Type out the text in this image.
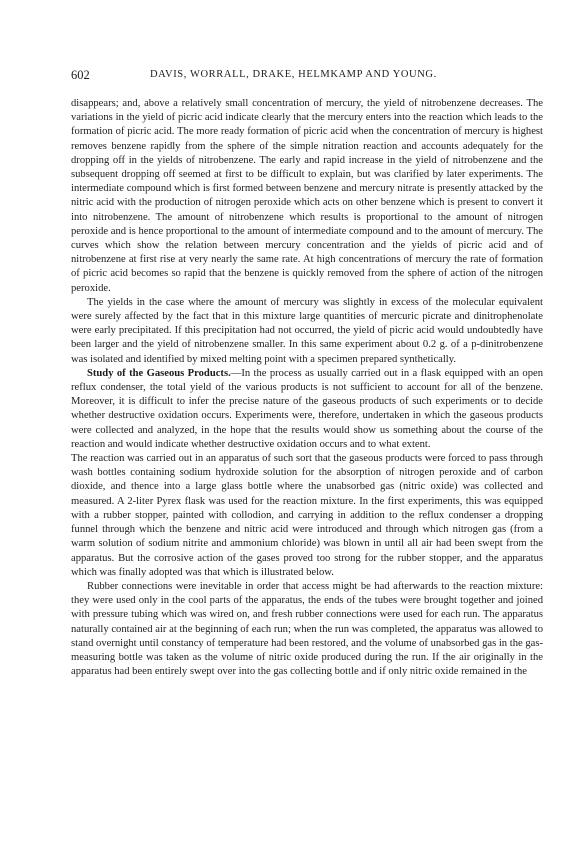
602	DAVIS, WORRALL, DRAKE, HELMKAMP AND YOUNG.

disappears; and, above a relatively small concentration of mercury, the yield of nitrobenzene decreases. The variations in the yield of picric acid indicate clearly that the mercury enters into the reaction which leads to the formation of picric acid. The more ready formation of picric acid when the concentration of mercury is highest removes benzene rapidly from the sphere of the simple nitration reaction and accounts adequately for the dropping off in the yields of nitrobenzene. The early and rapid increase in the yield of nitrobenzene and the subsequent dropping off seemed at first to be difficult to explain, but was clarified by later experiments. The intermediate compound which is first formed between benzene and mercury nitrate is presently attacked by the nitric acid with the production of nitrogen peroxide which acts on other benzene which is present to convert it into nitrobenzene. The amount of nitrobenzene which results is proportional to the amount of nitrogen peroxide and is hence proportional to the amount of intermediate compound and to the amount of mercury. The curves which show the relation between mercury concentration and the yields of picric acid and of nitrobenzene at first rise at very nearly the same rate. At high concentrations of mercury the rate of formation of picric acid becomes so rapid that the benzene is quickly removed from the sphere of action of the nitrogen peroxide.

The yields in the case where the amount of mercury was slightly in excess of the molecular equivalent were surely affected by the fact that in this mixture large quantities of mercuric picrate and dinitrophenolate were early precipitated. If this precipitation had not occurred, the yield of picric acid would undoubtedly have been larger and the yield of nitrobenzene smaller. In this same experiment about 0.2 g. of a p-dinitrobenzene was isolated and identified by mixed melting point with a specimen prepared synthetically.

Study of the Gaseous Products.—In the process as usually carried out in a flask equipped with an open reflux condenser, the total yield of the various products is not sufficient to account for all of the benzene. Moreover, it is difficult to infer the precise nature of the gaseous products of such experiments or to decide whether destructive oxidation occurs. Experiments were, therefore, undertaken in which the gaseous products were collected and analyzed, in the hope that the results would show us something about the course of the reaction and would indicate whether destructive oxidation occurs and to what extent.

The reaction was carried out in an apparatus of such sort that the gaseous products were forced to pass through wash bottles containing sodium hydroxide solution for the absorption of nitrogen peroxide and of carbon dioxide, and thence into a large glass bottle where the unabsorbed gas (nitric oxide) was collected and measured. A 2-liter Pyrex flask was used for the reaction mixture. In the first experiments, this was equipped with a rubber stopper, painted with collodion, and carrying in addition to the reflux condenser a dropping funnel through which the benzene and nitric acid were introduced and through which nitrogen gas (from a warm solution of sodium nitrite and ammonium chloride) was blown in until all air had been swept from the apparatus. But the corrosive action of the gases proved too strong for the rubber stopper, and the apparatus which was finally adopted was that which is illustrated below.

Rubber connections were inevitable in order that access might be had afterwards to the reaction mixture: they were used only in the cool parts of the apparatus, the ends of the tubes were brought together and joined with pressure tubing which was wired on, and fresh rubber connections were used for each run. The apparatus naturally contained air at the beginning of each run; when the run was completed, the apparatus was allowed to stand overnight until constancy of temperature had been restored, and the volume of unabsorbed gas in the gas-measuring bottle was taken as the volume of nitric oxide produced during the run. If the air originally in the apparatus had been entirely swept over into the gas collecting bottle and if only nitric oxide remained in the
